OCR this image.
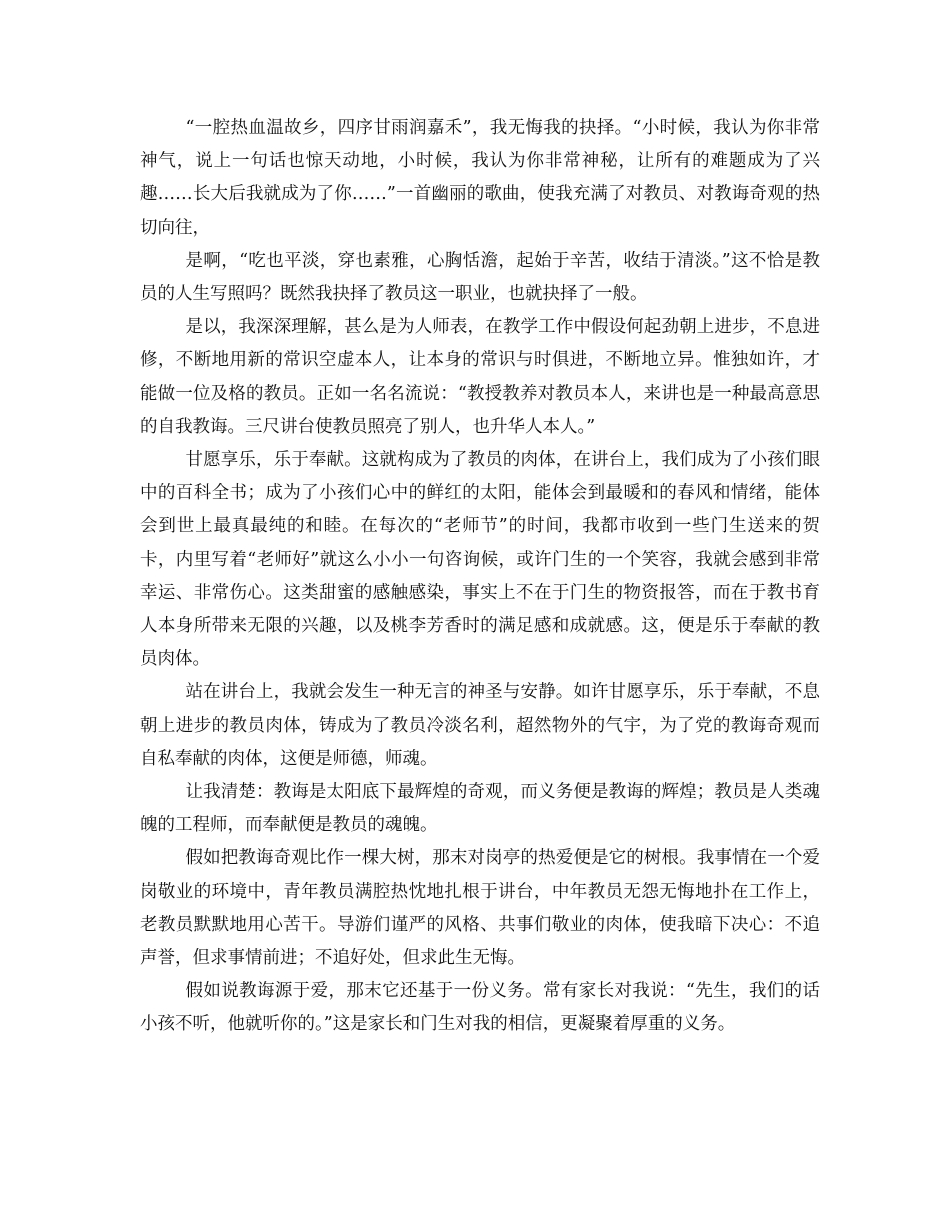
“一腔热血温故乡，四序甘雨润嘉禾”，我无悔我的抉择。“小时候，我认为你非常神气，说上一句话也惊天动地，小时候，我认为你非常神秘，让所有的难题成为了兴趣……长大后我就成为了你……”一首幽丽的歌曲，使我充满了对教员、对教诲奇观的热切向往，

是啊，“吃也平淡，穿也素雅，心胸恬澹，起始于辛苦，收结于清淡。”这不恰是教员的人生写照吗？既然我抉择了教员这一职业，也就抉择了一般。

是以，我深深理解，甚么是为人师表，在教学工作中假设何起劲朝上进步，不息进修，不断地用新的常识空虚本人，让本身的常识与时俱进，不断地立异。惟独如许，才能做一位及格的教员。正如一名名流说：“教授教养对教员本人，来讲也是一种最高意思的自我教诲。三尺讲台使教员照亮了别人，也升华人本人。”

甘愿享乐，乐于奉献。这就构成为了教员的肉体，在讲台上，我们成为了小孩们眼中的百科全书；成为了小孩们心中的鲜红的太阳，能体会到最暖和的春风和情绪，能体会到世上最真最纯的和睦。在每次的“老师节”的时间，我都市收到一些门生送来的贺卡，内里写着“老师好”就这么小小一句咨询候，或许门生的一个笑容，我就会感到非常幸运、非常伤心。这类甜蜜的感触感染，事实上不在于门生的物资报答，而在于教书育人本身所带来无限的兴趣，以及桃李芳香时的满足感和成就感。这，便是乐于奉献的教员肉体。

站在讲台上，我就会发生一种无言的神圣与安静。如许甘愿享乐，乐于奉献，不息朝上进步的教员肉体，铸成为了教员冷淡名利，超然物外的气宇，为了党的教诲奇观而自私奉献的肉体，这便是师德，师魂。

让我清楚：教诲是太阳底下最辉煌的奇观，而义务便是教诲的辉煌；教员是人类魂魄的工程师，而奉献便是教员的魂魄。

假如把教诲奇观比作一棵大树，那末对岗亭的热爱便是它的树根。我事情在一个爱岗敬业的环境中，青年教员满腔热忱地扎根于讲台，中年教员无怨无悔地扑在工作上，老教员默默地用心苦干。导游们谨严的风格、共事们敬业的肉体，使我暗下决心：不追声誉，但求事情前进；不追好处，但求此生无悔。

假如说教诲源于爱，那末它还基于一份义务。常有家长对我说：“先生，我们的话小孩不听，他就听你的。”这是家长和门生对我的相信，更凝聚着厚重的义务。
